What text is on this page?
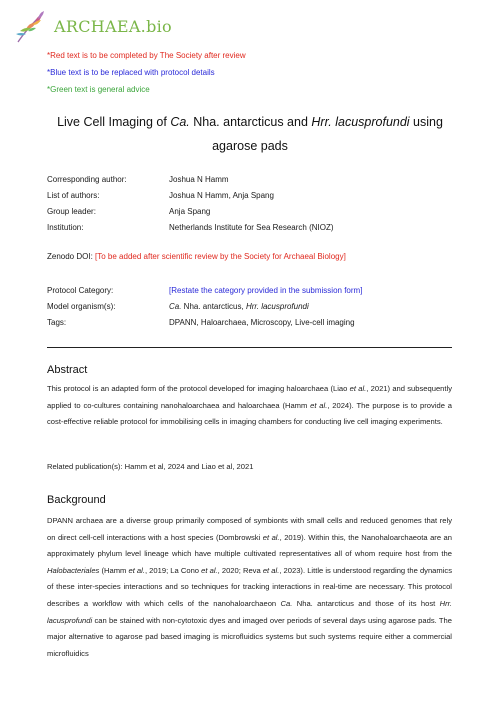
ARCHAEA.bio
*Red text is to be completed by The Society after review
*Blue text is to be replaced with protocol details
*Green text is general advice
Live Cell Imaging of Ca. Nha. antarcticus and Hrr. lacusprofundi using agarose pads
Corresponding author:	Joshua N Hamm
List of authors:	Joshua N Hamm, Anja Spang
Group leader:	Anja Spang
Institution:	Netherlands Institute for Sea Research (NIOZ)
Zenodo DOI: [To be added after scientific review by the Society for Archaeal Biology]
Protocol Category:	[Restate the category provided in the submission form]
Model organism(s):	Ca. Nha. antarcticus, Hrr. lacusprofundi
Tags:	DPANN, Haloarchaea, Microscopy, Live-cell imaging
Abstract
This protocol is an adapted form of the protocol developed for imaging haloarchaea (Liao et al., 2021) and subsequently applied to co-cultures containing nanohaloarchaea and haloarchaea (Hamm et al., 2024). The purpose is to provide a cost-effective reliable protocol for immobilising cells in imaging chambers for conducting live cell imaging experiments.
Related publication(s): Hamm et al, 2024 and Liao et al, 2021
Background
DPANN archaea are a diverse group primarily composed of symbionts with small cells and reduced genomes that rely on direct cell-cell interactions with a host species (Dombrowski et al., 2019). Within this, the Nanohaloarchaeota are an approximately phylum level lineage which have multiple cultivated representatives all of whom require host from the Halobacteriales (Hamm et al., 2019; La Cono et al., 2020; Reva et al., 2023). Little is understood regarding the dynamics of these inter-species interactions and so techniques for tracking interactions in real-time are necessary. This protocol describes a workflow with which cells of the nanohaloarchaeon Ca. Nha. antarcticus and those of its host Hrr. lacusprofundi can be stained with non-cytotoxic dyes and imaged over periods of several days using agarose pads. The major alternative to agarose pad based imaging is microfluidics systems but such systems require either a commercial microfluidics
